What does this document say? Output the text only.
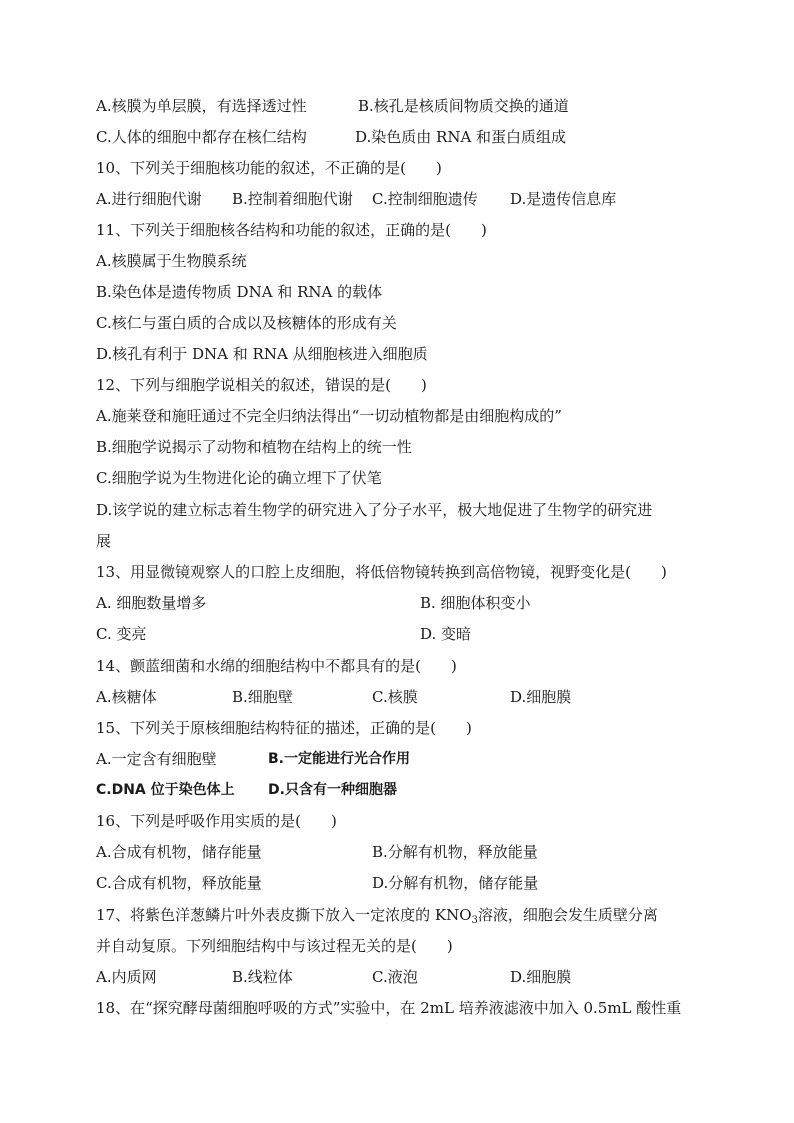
A.核膜为单层膜，有选择透过性	B.核孔是核质间物质交换的通道
C.人体的细胞中都存在核仁结构	D.染色质由 RNA 和蛋白质组成
10、下列关于细胞核功能的叙述，不正确的是(　　)
A.进行细胞代谢 B.控制着细胞代谢 C.控制细胞遗传 D.是遗传信息库
11、下列关于细胞核各结构和功能的叙述，正确的是(　　)
A.核膜属于生物膜系统
B.染色体是遗传物质 DNA 和 RNA 的载体
C.核仁与蛋白质的合成以及核糖体的形成有关
D.核孔有利于 DNA 和 RNA 从细胞核进入细胞质
12、下列与细胞学说相关的叙述，错误的是(　　)
A.施莱登和施旺通过不完全归纳法得出“一切动植物都是由细胞构成的”
B.细胞学说揭示了动物和植物在结构上的统一性
C.细胞学说为生物进化论的确立埋下了伏笔
D.该学说的建立标志着生物学的研究进入了分子水平，极大地促进了生物学的研究进
展
13、用显微镜观察人的口腔上皮细胞，将低倍物镜转换到高倍物镜，视野变化是(　　)
A. 细胞数量增多	B. 细胞体积变小
C. 变亮	D. 变暗
14、颤蓝细菌和水绵的细胞结构中不都具有的是(　　)
A.核糖体	B.细胞壁	C.核膜	D.细胞膜
15、下列关于原核细胞结构特征的描述，正确的是(　　)
A.一定含有细胞壁	B.一定能进行光合作用
C.DNA 位于染色体上 D.只含有一种细胞器
16、下列是呼吸作用实质的是(　　)
A.合成有机物，储存能量	B.分解有机物，释放能量
C.合成有机物，释放能量	D.分解有机物，储存能量
17、将紫色洋葱鳞片叶外表皮撕下放入一定浓度的 $KNO_3$溶液，细胞会发生质壁分离
并自动复原。下列细胞结构中与该过程无关的是(　　)
A.内质网	B.线粒体	C.液泡	D.细胞膜
18、在“探究酵母菌细胞呼吸的方式”实验中，在 2mL 培养液滤液中加入 0.5mL 酸性重
